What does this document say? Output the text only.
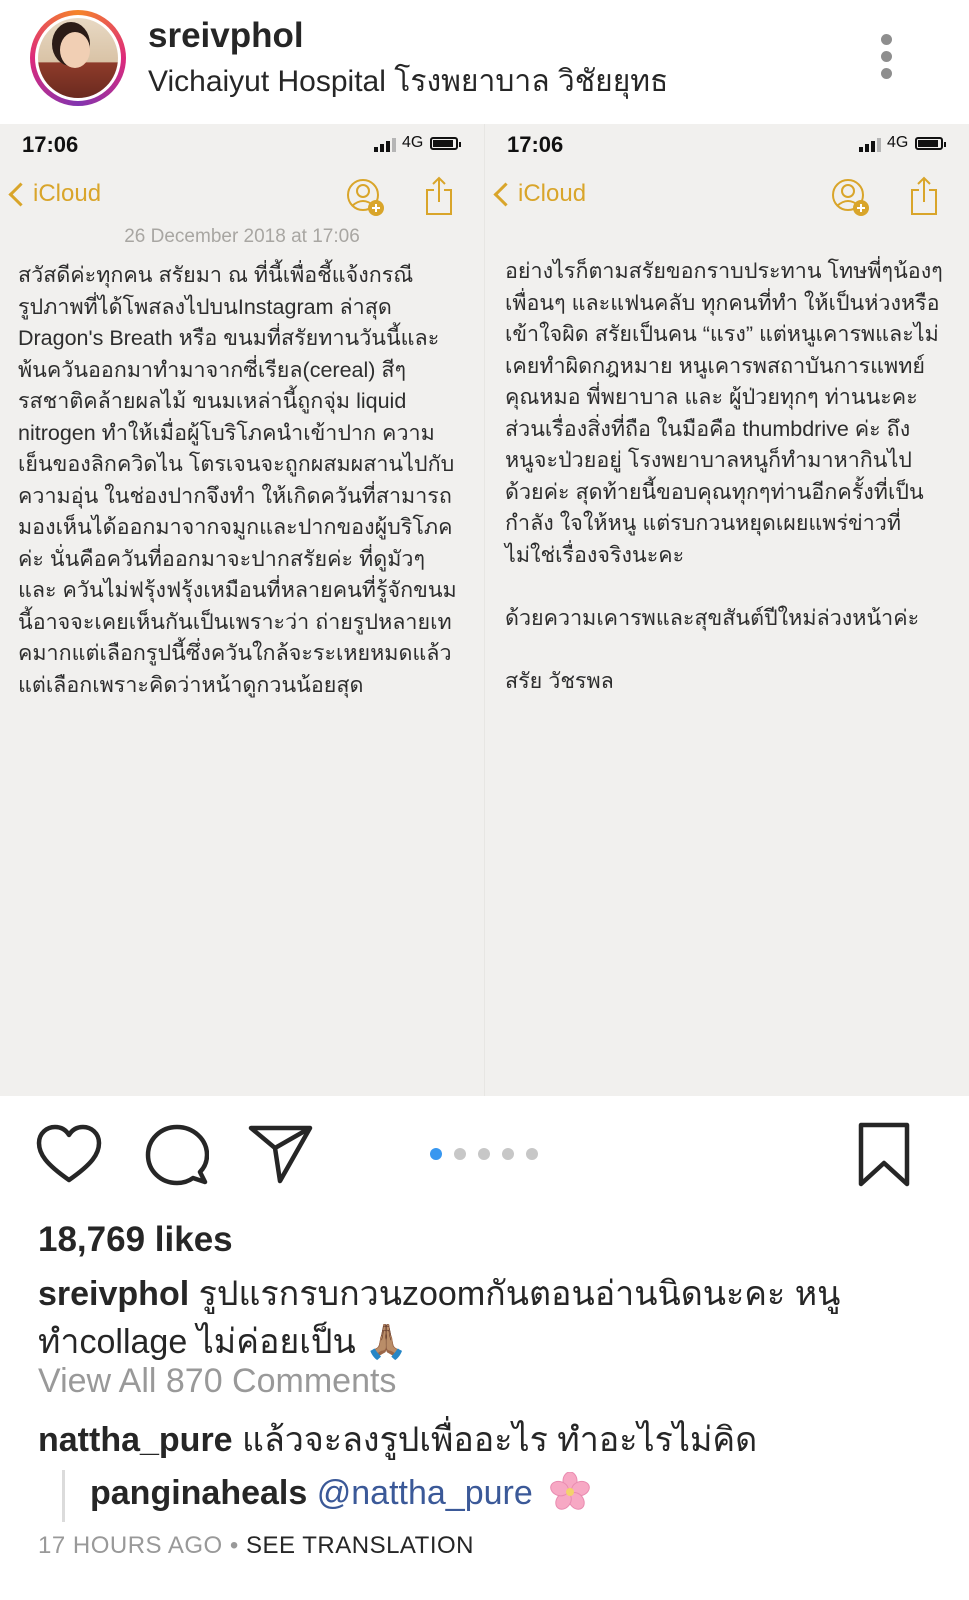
sreivphol
Vichaiyut Hospital โรงพยาบาล วิชัยยุทธ
17:06	4G
iCloud
26 December 2018 at 17:06
สวัสดีค่ะทุกคน สรัยมา ณ ที่นี้เพื่อชี้แจ้งกรณี
รูปภาพที่ได้โพสลงไปบนInstagram ล่าสุด
Dragon's Breath หรือ ขนมที่สรัยทานวันนี้และ
พ้นควันออกมาทำมาจากซี่เรียล(cereal) สีๆ
รสชาติคล้ายผลไม้ ขนมเหล่านี้ถูกจุ่ม liquid
nitrogen ทำให้เมื่อผู้โบริโภคนำเข้าปาก ความ
เย็นของลิกควิดไน โตรเจนจะถูกผสมผสานไปกับ
ความอุ่น ในช่องปากจึงทำ ให้เกิดควันที่สามารถ
มองเห็นได้ออกมาจากจมูกและปากของผู้บริโภค
ค่ะ นั่นคือควันที่ออกมาจะปากสรัยค่ะ ที่ดูมัวๆ
และ ควันไม่ฟรุ้งฟรุ้งเหมือนที่หลายคนที่รู้จักขนม
นี้อาจจะเคยเห็นกันเป็นเพราะว่า ถ่ายรูปหลายเท
คมากแต่เลือกรูปนี้ซึ่งควันใกล้จะระเหยหมดแล้ว
แต่เลือกเพราะคิดว่าหน้าดูกวนน้อยสุด
17:06	4G
iCloud
อย่างไรก็ตามสรัยขอกราบประทาน โทษพี่ๆน้องๆ
เพื่อนๆ และแฟนคลับ ทุกคนที่ทำ ให้เป็นห่วงหรือ
เข้าใจผิด สรัยเป็นคน “แรง” แต่หนูเคารพและไม่
เคยทำผิดกฎหมาย หนูเคารพสถาบันการแพทย์
คุณหมอ พี่พยาบาล และ ผู้ป่วยทุกๆ ท่านนะคะ
ส่วนเรื่องสิ่งที่ถือ ในมือคือ thumbdrive ค่ะ ถึง
หนูจะป่วยอยู่ โรงพยาบาลหนูก็ทำมาหากินไป
ด้วยค่ะ สุดท้ายนี้ขอบคุณทุกๆท่านอีกครั้งที่เป็น
กำลัง ใจให้หนู แต่รบกวนหยุดเผยแพร่ข่าวที่
ไม่ใช่เรื่องจริงนะคะ

ด้วยความเคารพและสุขสันต์ปีใหม่ล่วงหน้าค่ะ

สรัย วัชรพล
18,769 likes
sreivphol รูปแรกรบกวนzoomกันตอนอ่านนิดนะคะ หนู
ทำcollage ไม่ค่อยเป็น 🙏🏽
View All 870 Comments
nattha_pure แล้วจะลงรูปเพื่ออะไร ทำอะไรไม่คิด
panginaheals @nattha_pure
17 HOURS AGO • SEE TRANSLATION
